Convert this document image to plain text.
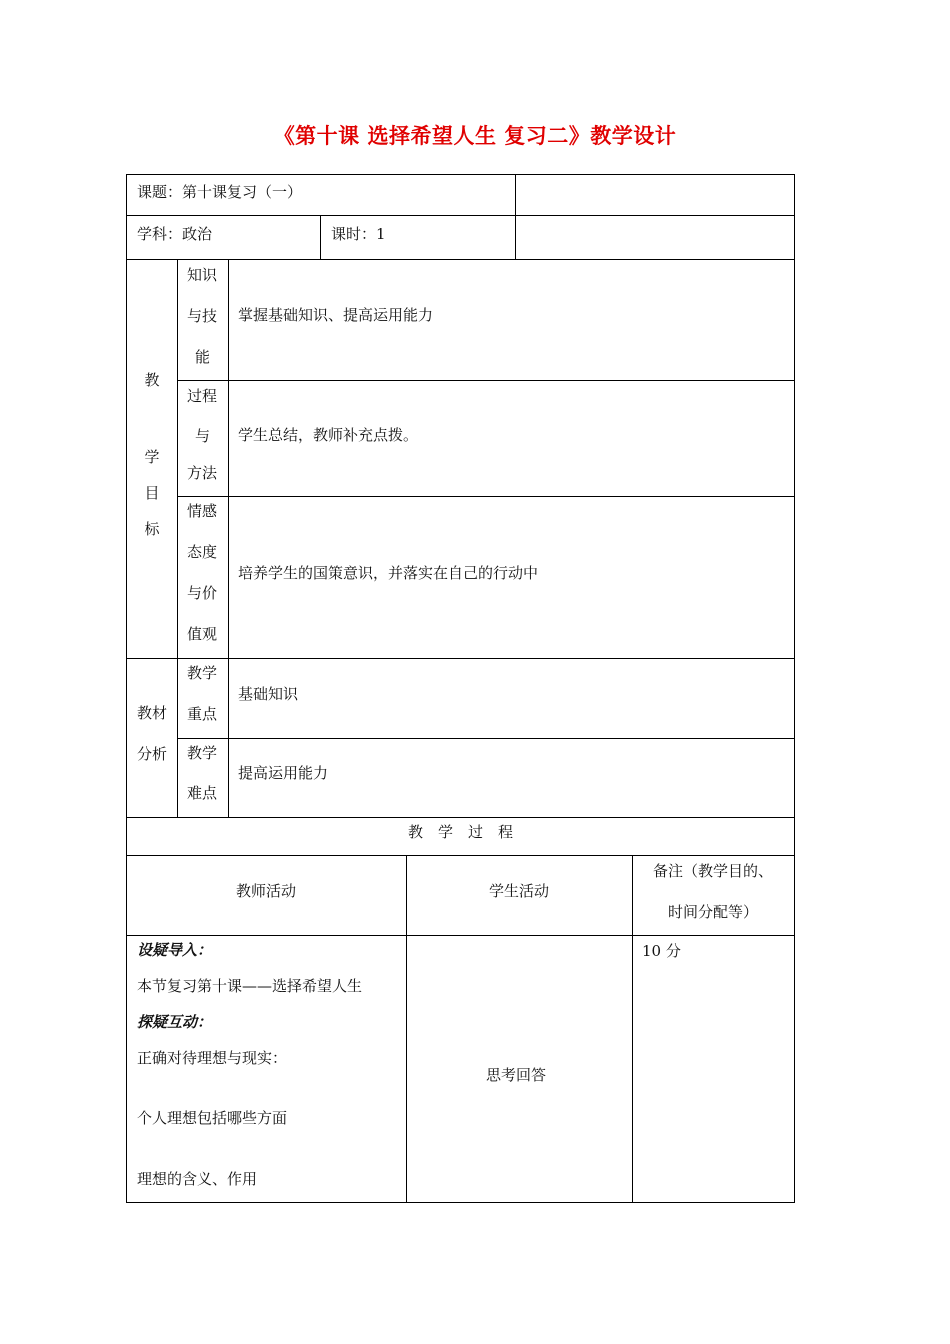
《第十课 选择希望人生 复习二》教学设计
课题：第十课复习（一）
学科：政治	课时：1
教
学
目
标
知识
与技
能
掌握基础知识、提高运用能力
过程
与
方法
学生总结，教师补充点拨。
情感
态度
与价
值观
培养学生的国策意识，并落实在自己的行动中
教材
分析
教学
重点
基础知识
教学
难点
提高运用能力
教　学　过　程
教师活动	学生活动
备注（教学目的、
时间分配等）
设疑导入：
本节复习第十课——选择希望人生
探疑互动：
正确对待理想与现实：
个人理想包括哪些方面
理想的含义、作用
思考回答
10 分
